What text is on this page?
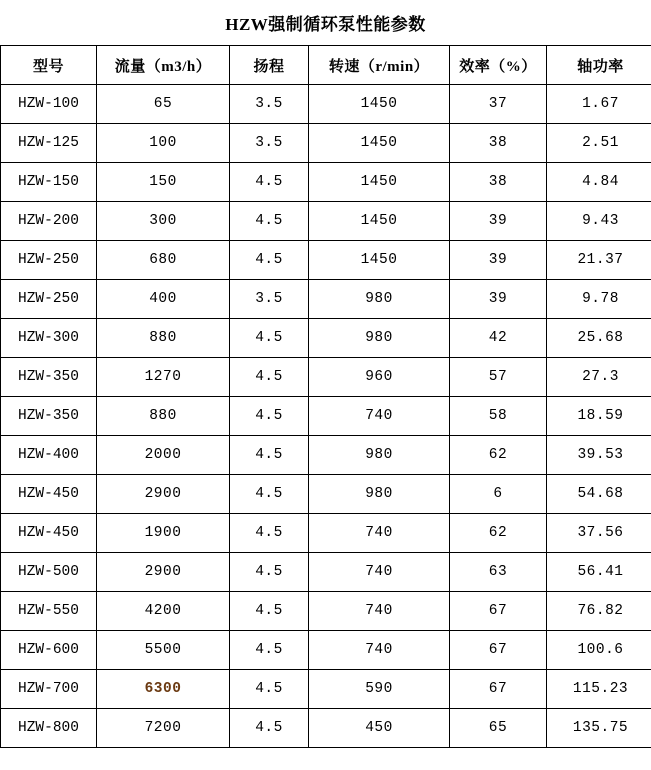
HZW强制循环泵性能参数
型号	流量（m3/h）	扬程	转速（r/min）	效率（%）	轴功率
HZW-100	65	3.5	1450	37	1.67
HZW-125	100	3.5	1450	38	2.51
HZW-150	150	4.5	1450	38	4.84
HZW-200	300	4.5	1450	39	9.43
HZW-250	680	4.5	1450	39	21.37
HZW-250	400	3.5	980	39	9.78
HZW-300	880	4.5	980	42	25.68
HZW-350	1270	4.5	960	57	27.3
HZW-350	880	4.5	740	58	18.59
HZW-400	2000	4.5	980	62	39.53
HZW-450	2900	4.5	980	6	54.68
HZW-450	1900	4.5	740	62	37.56
HZW-500	2900	4.5	740	63	56.41
HZW-550	4200	4.5	740	67	76.82
HZW-600	5500	4.5	740	67	100.6
HZW-700	6300	4.5	590	67	115.23
HZW-800	7200	4.5	450	65	135.75
